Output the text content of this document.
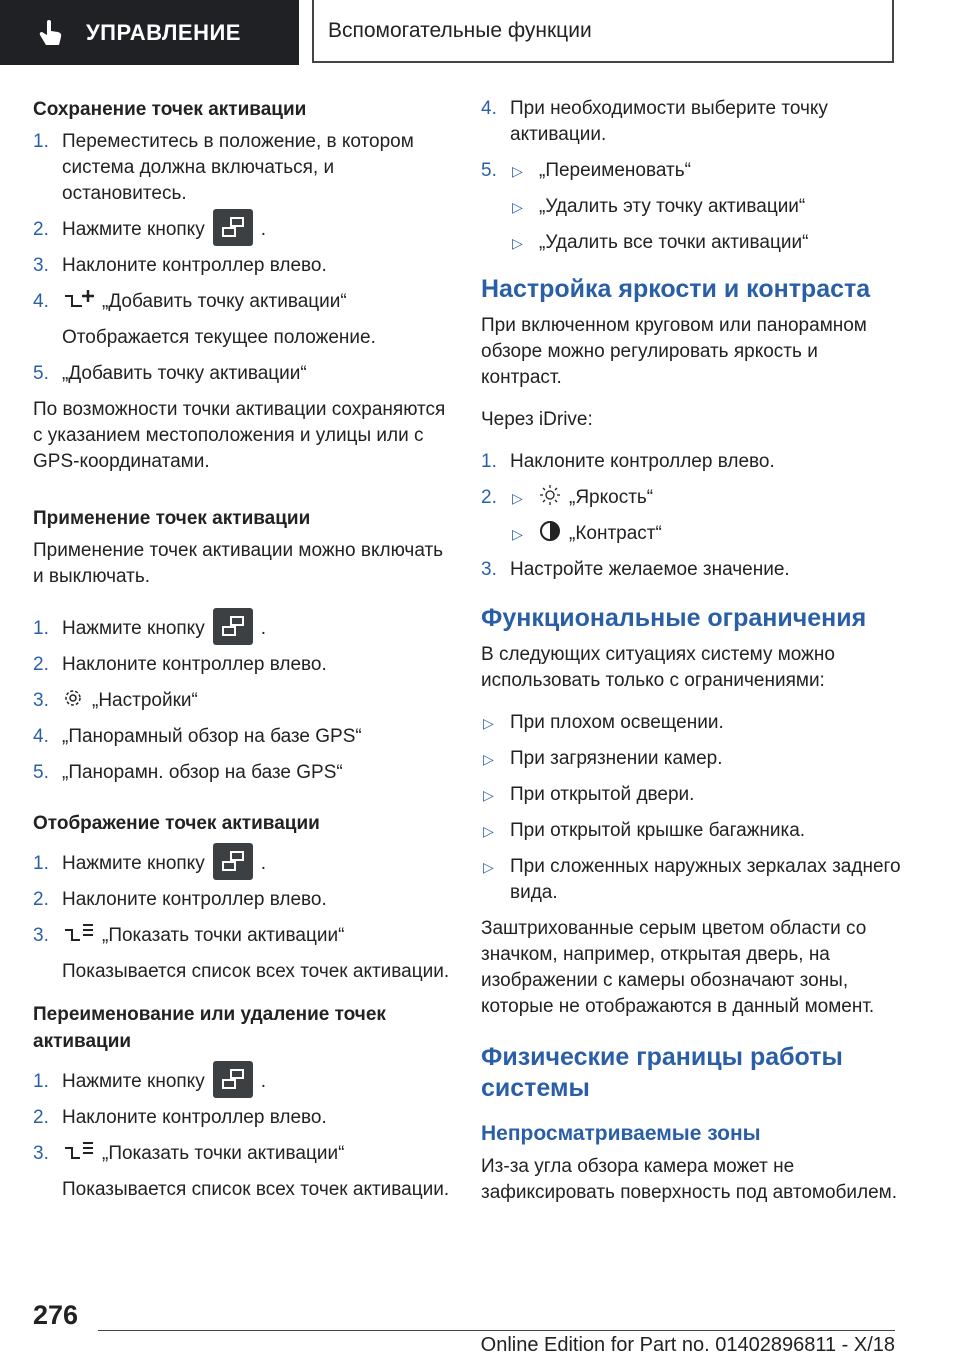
УПРАВЛЕНИЕ	Вспомогательные функции
Сохранение точек активации
1. Переместитесь в положение, в котором система должна включаться, и остановитесь.
2. Нажмите кнопку	.
3. Наклоните контроллер влево.
4.	„Добавить точку активации“
Отображается текущее положение.
5. „Добавить точку активации“
По возможности точки активации сохраняются с указанием местоположения и улицы или с GPS-координатами.
Применение точек активации
Применение точек активации можно включать и выключать.
1. Нажмите кнопку	.
2. Наклоните контроллер влево.
3. „Настройки“
4. „Панорамный обзор на базе GPS“
5. „Панорамн. обзор на базе GPS“
Отображение точек активации
1. Нажмите кнопку	.
2. Наклоните контроллер влево.
3.	„Показать точки активации“
Показывается список всех точек активации.
Переименование или удаление точек активации
1. Нажмите кнопку	.
2. Наклоните контроллер влево.
3.	„Показать точки активации“
Показывается список всех точек активации.
4. При необходимости выберите точку активации.
5. ▷ „Переименовать“
▷ „Удалить эту точку активации“
▷ „Удалить все точки активации“
Настройка яркости и контраста
При включенном круговом или панорамном обзоре можно регулировать яркость и контраст.
Через iDrive:
1. Наклоните контроллер влево.
2. ▷ „Яркость“
▷ „Контраст“
3. Настройте желаемое значение.
Функциональные ограничения
В следующих ситуациях систему можно использовать только с ограничениями:
▷ При плохом освещении.
▷ При загрязнении камер.
▷ При открытой двери.
▷ При открытой крышке багажника.
▷ При сложенных наружных зеркалах заднего вида.
Заштрихованные серым цветом области со значком, например, открытая дверь, на изображении с камеры обозначают зоны, которые не отображаются в данный момент.
Физические границы работы системы
Непросматриваемые зоны
Из-за угла обзора камера может не зафиксировать поверхность под автомобилем.
276
Online Edition for Part no. 01402896811 - X/18
